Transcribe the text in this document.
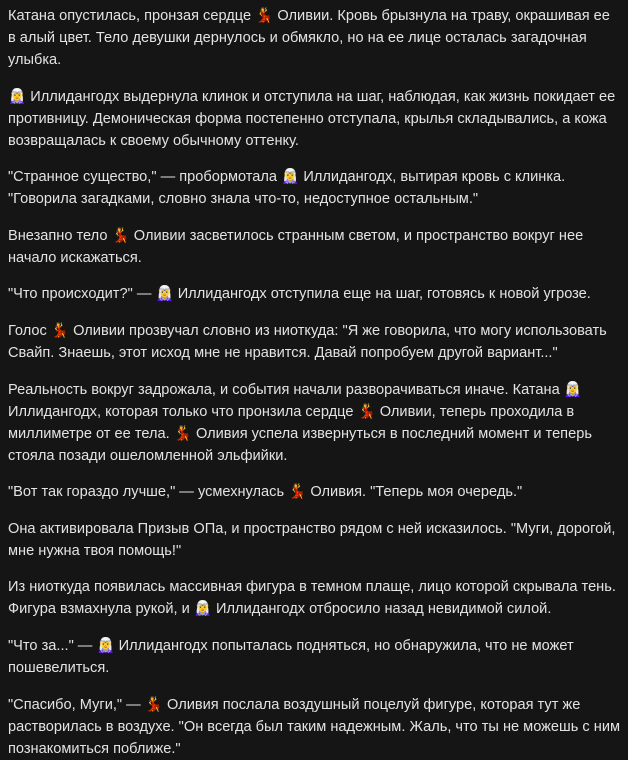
Катана опустилась, пронзая сердце 💃 Оливии. Кровь брызнула на траву, окрашивая ее в алый цвет. Тело девушки дернулось и обмякло, но на ее лице осталась загадочная улыбка.

🧝‍♀️ Иллидангодх выдернула клинок и отступила на шаг, наблюдая, как жизнь покидает ее противницу. Демоническая форма постепенно отступала, крылья складывались, а кожа возвращалась к своему обычному оттенку.

"Странное существо," — пробормотала 🧝‍♀️ Иллидангодх, вытирая кровь с клинка. "Говорила загадками, словно знала что-то, недоступное остальным."

Внезапно тело 💃 Оливии засветилось странным светом, и пространство вокруг нее начало искажаться.

"Что происходит?" — 🧝‍♀️ Иллидангодх отступила еще на шаг, готовясь к новой угрозе.

Голос 💃 Оливии прозвучал словно из ниоткуда: "Я же говорила, что могу использовать Свайп. Знаешь, этот исход мне не нравится. Давай попробуем другой вариант..."

Реальность вокруг задрожала, и события начали разворачиваться иначе. Катана 🧝‍♀️ Иллидангодх, которая только что пронзила сердце 💃 Оливии, теперь проходила в миллиметре от ее тела. 💃 Оливия успела извернуться в последний момент и теперь стояла позади ошеломленной эльфийки.

"Вот так гораздо лучше," — усмехнулась 💃 Оливия. "Теперь моя очередь."

Она активировала Призыв ОПа, и пространство рядом с ней исказилось. "Муги, дорогой, мне нужна твоя помощь!"

Из ниоткуда появилась массивная фигура в темном плаще, лицо которой скрывала тень. Фигура взмахнула рукой, и 🧝‍♀️ Иллидангодх отбросило назад невидимой силой.

"Что за..." — 🧝‍♀️ Иллидангодх попыталась подняться, но обнаружила, что не может пошевелиться.

"Спасибо, Муги," — 💃 Оливия послала воздушный поцелуй фигуре, которая тут же растворилась в воздухе. "Он всегда был таким надежным. Жаль, что ты не можешь с ним познакомиться поближе."
